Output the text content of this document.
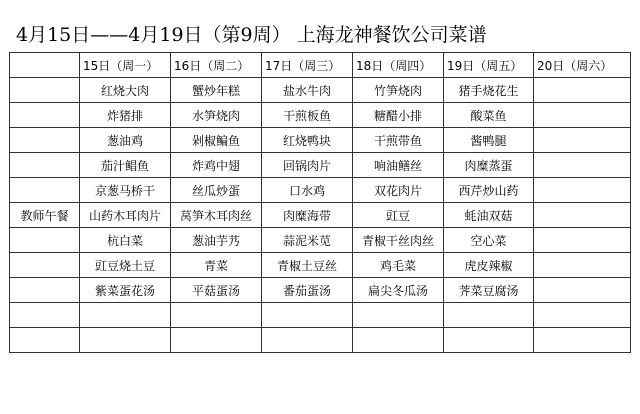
4月15日——4月19日（第9周） 上海龙神餐饮公司菜谱
	15日（周一）	16日（周二）	17日（周三）	18日（周四）	19日（周五）	20日（周六）
	红烧大肉	蟹炒年糕	盐水牛肉	竹笋烧肉	猪手烧花生	
	炸猪排	水笋烧肉	干煎板鱼	糖醋小排	酸菜鱼	
	葱油鸡	剁椒鳊鱼	红烧鸭块	干煎带鱼	酱鸭腿	
	茄汁鲳鱼	炸鸡中翅	回锅肉片	响油鳝丝	肉糜蒸蛋	
	京葱马桥干	丝瓜炒蛋	口水鸡	双花肉片	西芹炒山药	
教师午餐	山药木耳肉片	莴笋木耳肉丝	肉糜海带	豇豆	蚝油双菇	
	杭白菜	葱油芋艿	蒜泥米苋	青椒干丝肉丝	空心菜	
	豇豆烧土豆	青菜	青椒土豆丝	鸡毛菜	虎皮辣椒	
	紫菜蛋花汤	平菇蛋汤	番茄蛋汤	扁尖冬瓜汤	荠菜豆腐汤	
